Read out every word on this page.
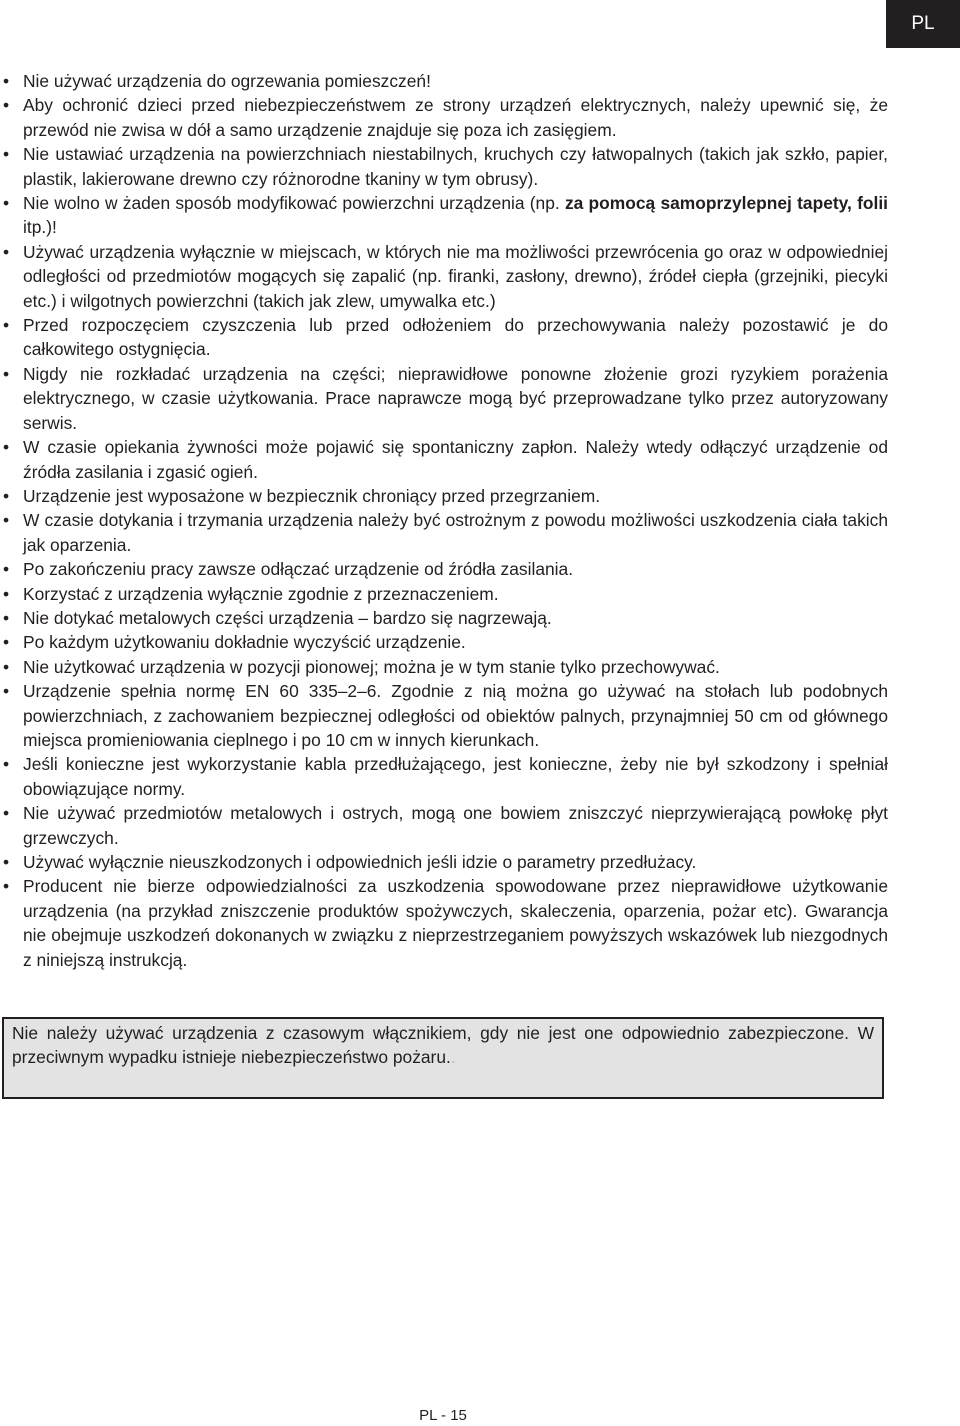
PL
• Nie używać urządzenia do ogrzewania pomieszczeń!
• Aby ochronić dzieci przed niebezpieczeństwem ze strony urządzeń elektrycznych, należy upewnić się, że przewód nie zwisa w dół a samo urządzenie znajduje się poza ich zasięgiem.
• Nie ustawiać urządzenia na powierzchniach niestabilnych, kruchych czy łatwopalnych (takich jak szkło, papier, plastik, lakierowane drewno czy różnorodne tkaniny w tym obrusy).
• Nie wolno w żaden sposób modyfikować powierzchni urządzenia (np. za pomocą samoprzylepnej tapety, folii itp.)!
• Używać urządzenia wyłącznie w miejscach, w których nie ma możliwości przewrócenia go oraz w odpowiedniej odległości od przedmiotów mogących się zapalić (np. firanki, zasłony, drewno), źródeł ciepła (grzejniki, piecyki etc.) i wilgotnych powierzchni (takich jak zlew, umywalka etc.)
• Przed rozpoczęciem czyszczenia lub przed odłożeniem do przechowywania należy pozostawić je do całkowitego ostygnięcia.
• Nigdy nie rozkładać urządzenia na części; nieprawidłowe ponowne złożenie grozi ryzykiem porażenia elektrycznego, w czasie użytkowania. Prace naprawcze mogą być przeprowadzane tylko przez autoryzowany serwis.
• W czasie opiekania żywności może pojawić się spontaniczny zapłon. Należy wtedy odłączyć urządzenie od źródła zasilania i zgasić ogień.
• Urządzenie jest wyposażone w bezpiecznik chroniący przed przegrzaniem.
• W czasie dotykania i trzymania urządzenia należy być ostrożnym z powodu możliwości uszkodzenia ciała takich jak oparzenia.
• Po zakończeniu pracy zawsze odłączać urządzenie od źródła zasilania.
• Korzystać z urządzenia wyłącznie zgodnie z przeznaczeniem.
• Nie dotykać metalowych części urządzenia – bardzo się nagrzewają.
• Po każdym użytkowaniu dokładnie wyczyścić urządzenie.
• Nie użytkować urządzenia w pozycji pionowej; można je w tym stanie tylko przechowywać.
• Urządzenie spełnia normę EN 60 335–2–6. Zgodnie z nią można go używać na stołach lub podobnych powierzchniach, z zachowaniem bezpiecznej odległości od obiektów palnych, przynajmniej 50 cm od głównego miejsca promieniowania cieplnego i po 10 cm w innych kierunkach.
• Jeśli konieczne jest wykorzystanie kabla przedłużającego, jest konieczne, żeby nie był szkodzony i spełniał obowiązujące normy.
• Nie używać przedmiotów metalowych i ostrych, mogą one bowiem zniszczyć nieprzywierającą powłokę płyt grzewczych.
• Używać wyłącznie nieuszkodzonych i odpowiednich jeśli idzie o parametry przedłużacy.
• Producent nie bierze odpowiedzialności za uszkodzenia spowodowane przez nieprawidłowe użytkowanie urządzenia (na przykład zniszczenie produktów spożywczych, skaleczenia, oparzenia, pożar etc). Gwarancja nie obejmuje uszkodzeń dokonanych w związku z nieprzestrzeganiem powyższych wskazówek lub niezgodnych z niniejszą instrukcją.
Nie należy używać urządzenia z czasowym włącznikiem, gdy nie jest one odpowiednio zabezpieczone. W przeciwnym wypadku istnieje niebezpieczeństwo pożaru..
PL - 15
